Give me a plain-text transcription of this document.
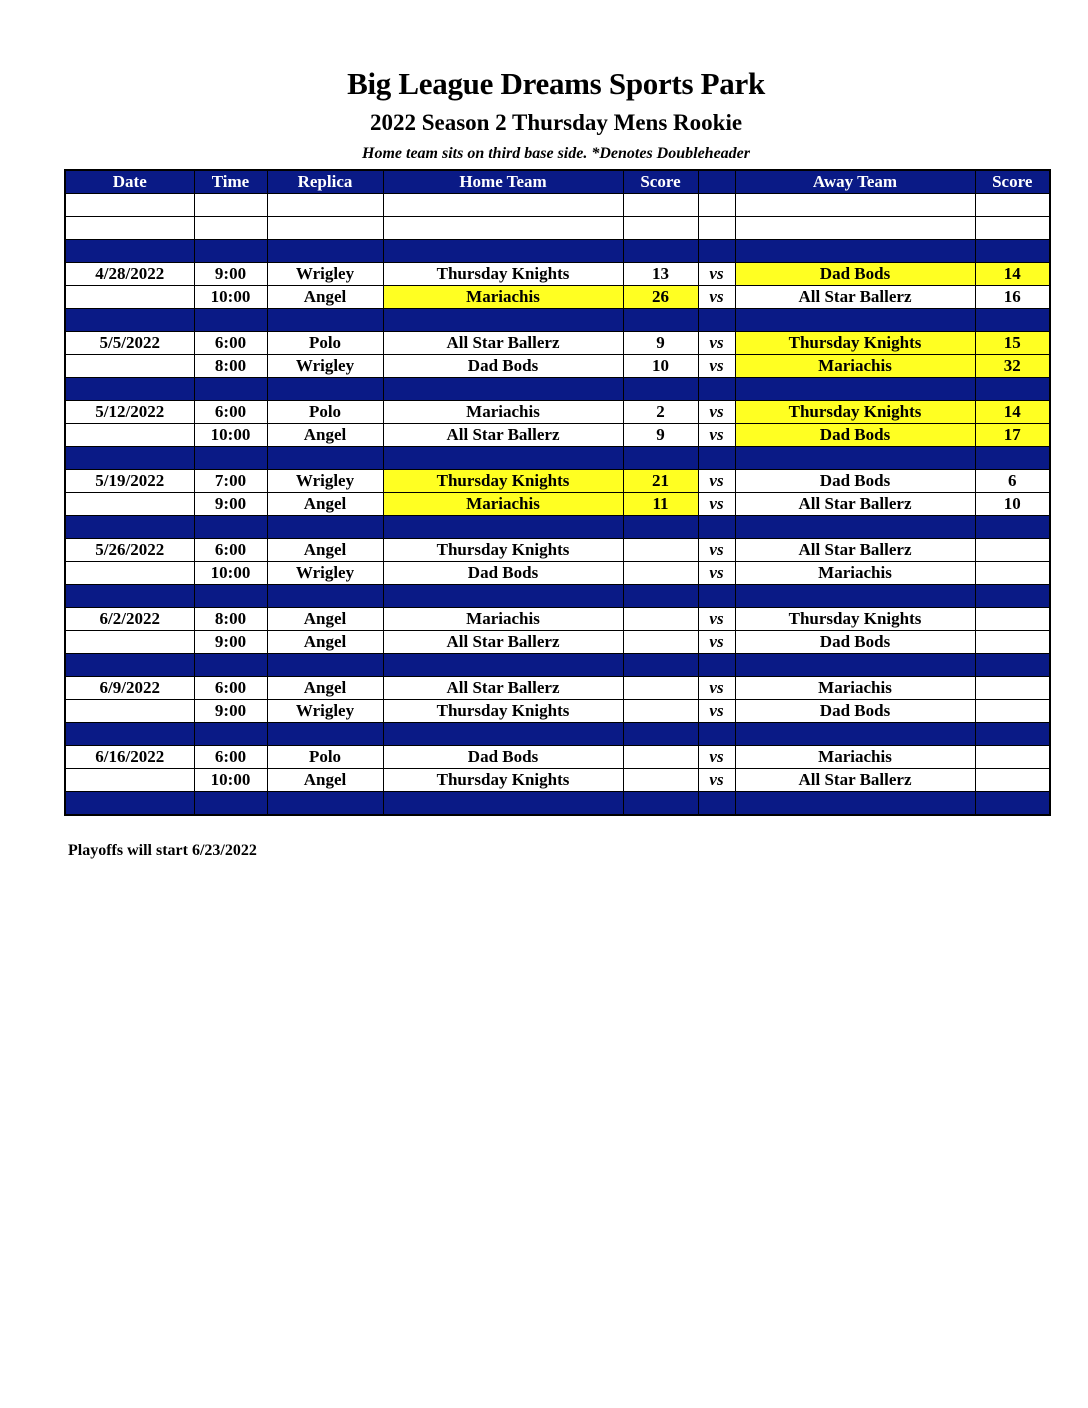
Big League Dreams Sports Park
2022 Season 2 Thursday Mens Rookie
Home team sits on third base side. *Denotes Doubleheader
Date	Time	Replica	Home Team	Score		Away Team	Score

4/28/2022	9:00	Wrigley	Thursday Knights	13	vs	Dad Bods	14
	10:00	Angel	Mariachis	26	vs	All Star Ballerz	16

5/5/2022	6:00	Polo	All Star Ballerz	9	vs	Thursday Knights	15
	8:00	Wrigley	Dad Bods	10	vs	Mariachis	32

5/12/2022	6:00	Polo	Mariachis	2	vs	Thursday Knights	14
	10:00	Angel	All Star Ballerz	9	vs	Dad Bods	17

5/19/2022	7:00	Wrigley	Thursday Knights	21	vs	Dad Bods	6
	9:00	Angel	Mariachis	11	vs	All Star Ballerz	10

5/26/2022	6:00	Angel	Thursday Knights		vs	All Star Ballerz	
	10:00	Wrigley	Dad Bods		vs	Mariachis	

6/2/2022	8:00	Angel	Mariachis		vs	Thursday Knights	
	9:00	Angel	All Star Ballerz		vs	Dad Bods	

6/9/2022	6:00	Angel	All Star Ballerz		vs	Mariachis	
	9:00	Wrigley	Thursday Knights		vs	Dad Bods	

6/16/2022	6:00	Polo	Dad Bods		vs	Mariachis	
	10:00	Angel	Thursday Knights		vs	All Star Ballerz	

Playoffs will start 6/23/2022
